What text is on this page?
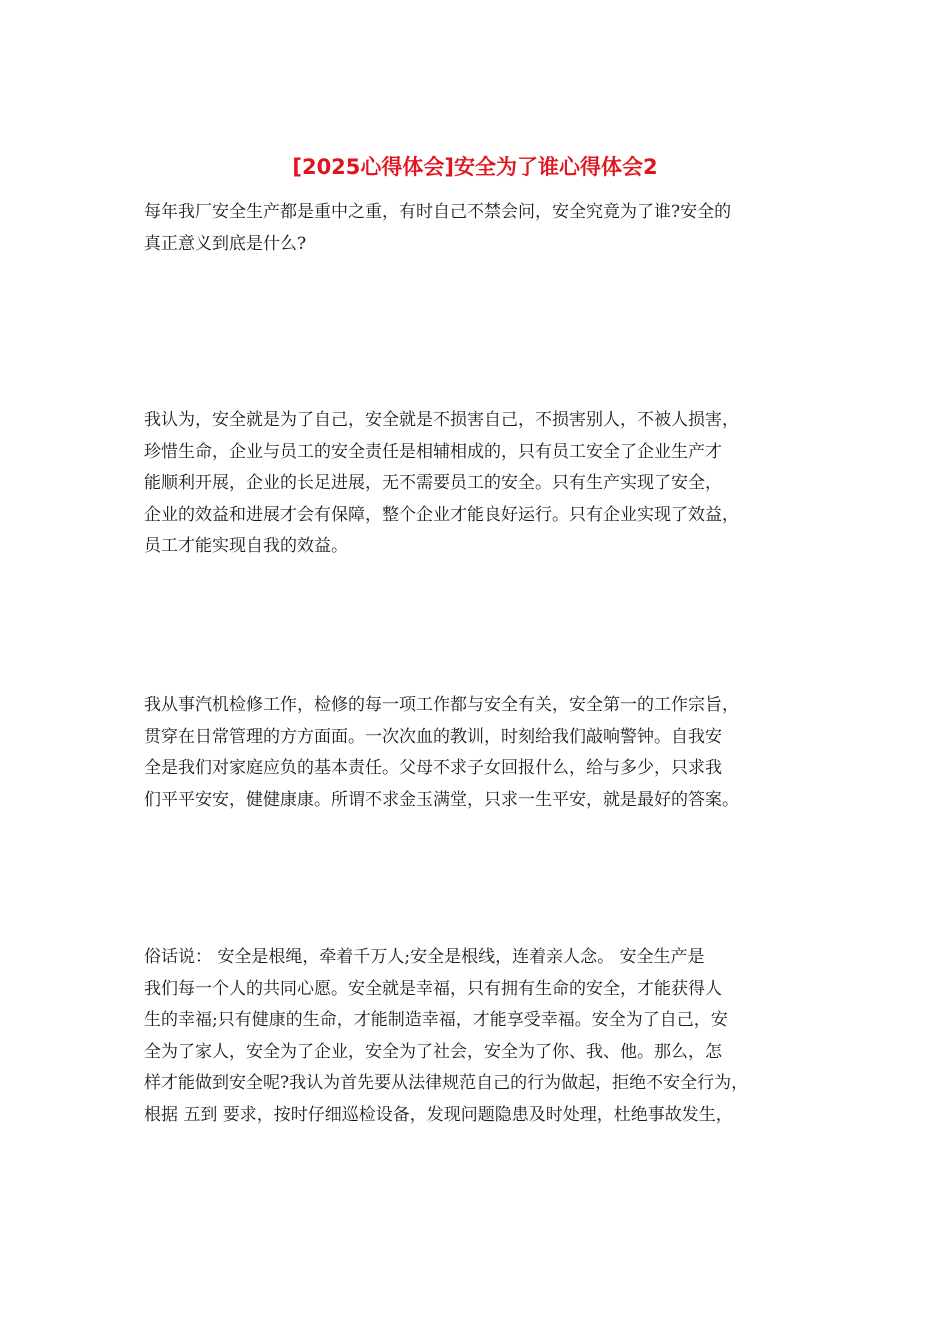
[2025心得体会]安全为了谁心得体会2
每年我厂安全生产都是重中之重，有时自己不禁会问，安全究竟为了谁?安全的
真正意义到底是什么?
我认为，安全就是为了自己，安全就是不损害自己，不损害别人，不被人损害，
珍惜生命，企业与员工的安全责任是相辅相成的，只有员工安全了企业生产才
能顺利开展，企业的长足进展，无不需要员工的安全。只有生产实现了安全，
企业的效益和进展才会有保障，整个企业才能良好运行。只有企业实现了效益，
员工才能实现自我的效益。
我从事汽机检修工作，检修的每一项工作都与安全有关，安全第一的工作宗旨，
贯穿在日常管理的方方面面。一次次血的教训，时刻给我们敲响警钟。自我安
全是我们对家庭应负的基本责任。父母不求子女回报什么，给与多少，只求我
们平平安安，健健康康。所谓不求金玉满堂，只求一生平安，就是最好的答案。
俗话说： 安全是根绳，牵着千万人;安全是根线，连着亲人念。 安全生产是
我们每一个人的共同心愿。安全就是幸福，只有拥有生命的安全，才能获得人
生的幸福;只有健康的生命，才能制造幸福，才能享受幸福。安全为了自己，安
全为了家人，安全为了企业，安全为了社会，安全为了你、我、他。那么，怎
样才能做到安全呢?我认为首先要从法律规范自己的行为做起，拒绝不安全行为，
根据 五到 要求，按时仔细巡检设备，发现问题隐患及时处理，杜绝事故发生，
